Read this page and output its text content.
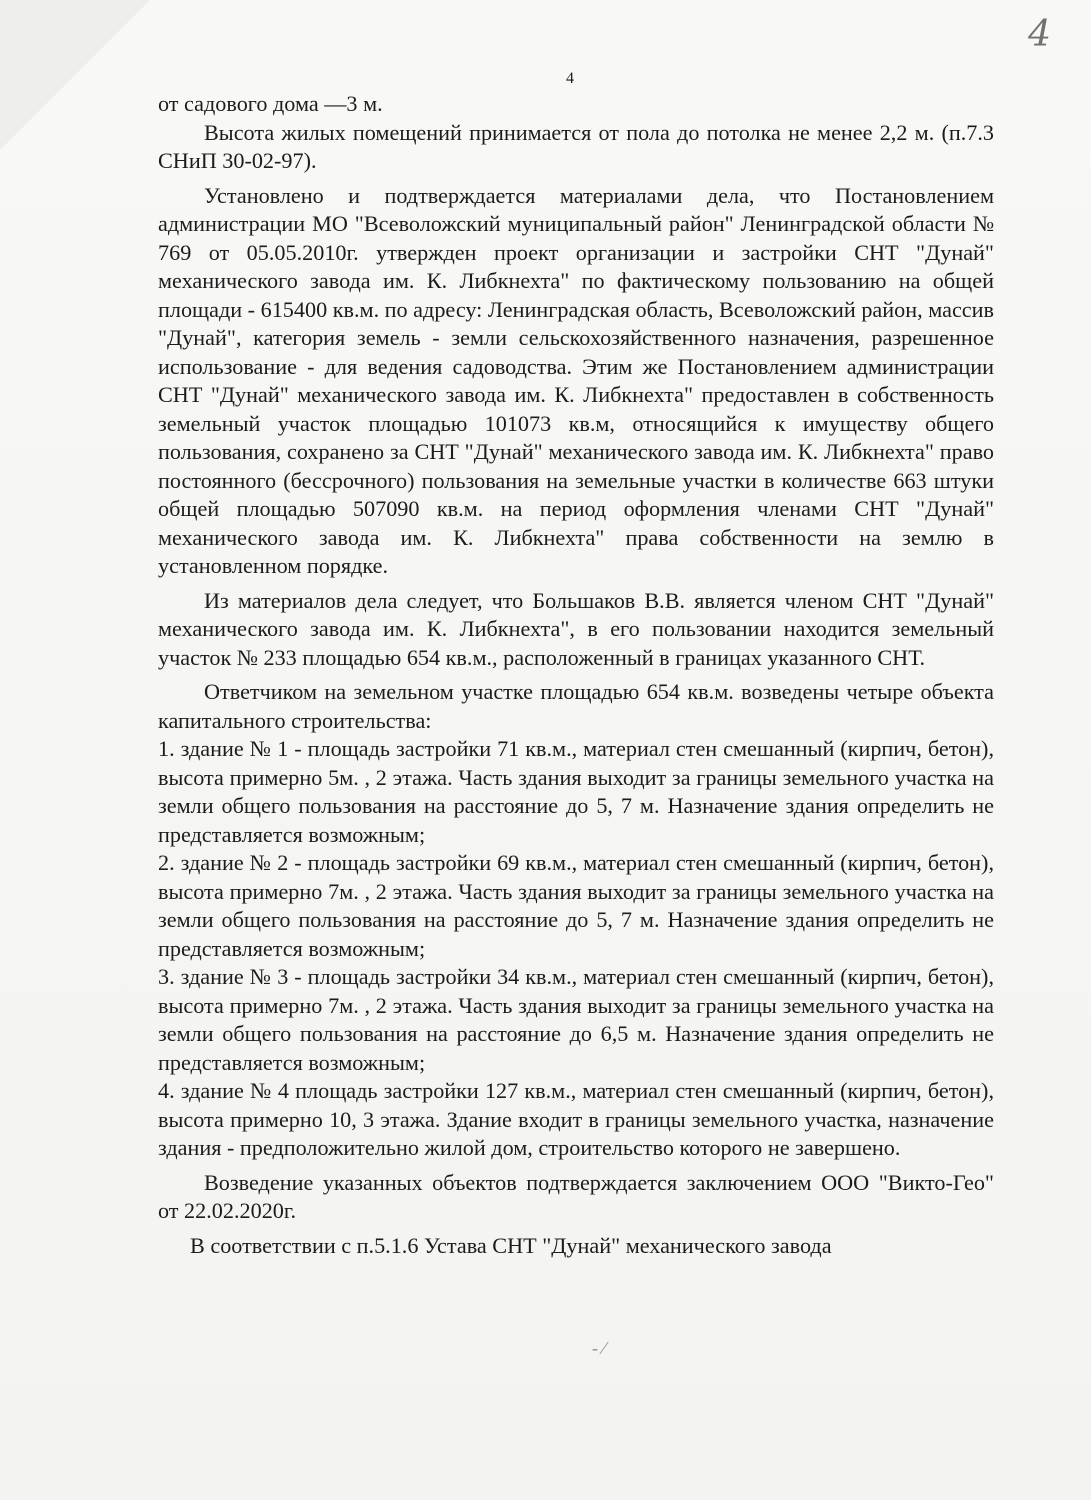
4
4

от садового дома —3 м.

Высота жилых помещений принимается от пола до потолка не менее 2,2 м. (п.7.3 СНиП 30-02-97).

Установлено и подтверждается материалами дела, что Постановлением администрации МО "Всеволожский муниципальный район" Ленинградской области № 769 от 05.05.2010г. утвержден проект организации и застройки СНТ "Дунай" механического завода им. К. Либкнехта" по фактическому пользованию на общей площади - 615400 кв.м. по адресу: Ленинградская область, Всеволожский район, массив "Дунай", категория земель - земли сельскохозяйственного назначения, разрешенное использование - для ведения садоводства. Этим же Постановлением администрации СНТ "Дунай" механического завода им. К. Либкнехта" предоставлен в собственность земельный участок площадью 101073 кв.м, относящийся к имуществу общего пользования, сохранено за СНТ "Дунай" механического завода им. К. Либкнехта" право постоянного (бессрочного) пользования на земельные участки в количестве 663 штуки общей площадью 507090 кв.м. на период оформления членами СНТ "Дунай" механического завода им. К. Либкнехта" права собственности на землю в установленном порядке.

Из материалов дела следует, что Большаков В.В. является членом СНТ "Дунай" механического завода им. К. Либкнехта", в его пользовании находится земельный участок № 233 площадью 654 кв.м., расположенный в границах указанного СНТ.

Ответчиком на земельном участке площадью 654 кв.м. возведены четыре объекта капитального строительства:

1. здание № 1 - площадь застройки 71 кв.м., материал стен смешанный (кирпич, бетон), высота примерно 5м. , 2 этажа. Часть здания выходит за границы земельного участка на земли общего пользования на расстояние до 5, 7 м. Назначение здания определить не представляется возможным;

2. здание № 2 - площадь застройки 69 кв.м., материал стен смешанный (кирпич, бетон), высота примерно 7м. , 2 этажа. Часть здания выходит за границы земельного участка на земли общего пользования на расстояние до 5, 7 м. Назначение здания определить не представляется возможным;

3. здание № 3 - площадь застройки 34 кв.м., материал стен смешанный (кирпич, бетон), высота примерно 7м. , 2 этажа. Часть здания выходит за границы земельного участка на земли общего пользования на расстояние до 6,5 м. Назначение здания определить не представляется возможным;

4. здание № 4 площадь застройки 127 кв.м., материал стен смешанный (кирпич, бетон), высота примерно 10, 3 этажа. Здание входит в границы земельного участка, назначение здания - предположительно жилой дом, строительство которого не завершено.

Возведение указанных объектов подтверждается заключением ООО "Викто-Гео" от 22.02.2020г.

В соответствии с п.5.1.6 Устава СНТ "Дунай" механического завода

‐ ⁄
